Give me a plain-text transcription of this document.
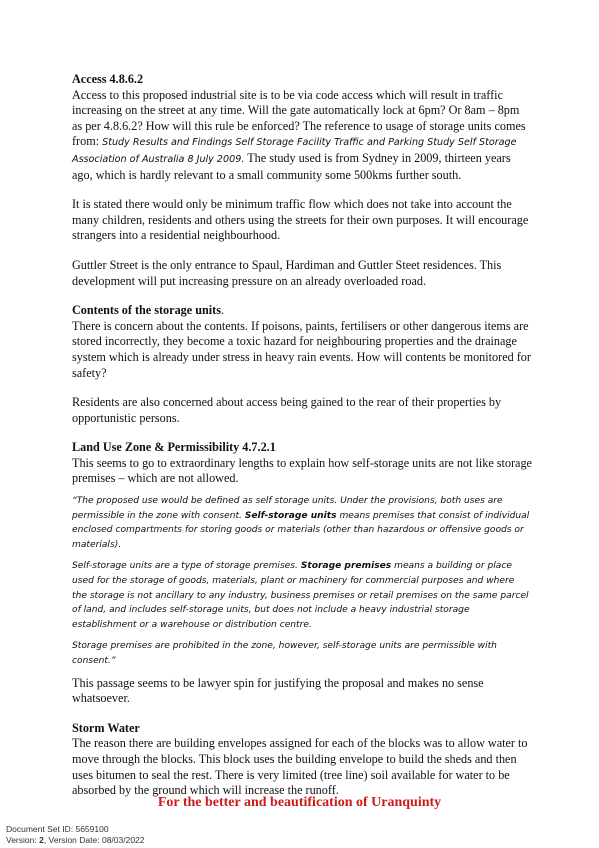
Access 4.8.6.2

Access to this proposed industrial site is to be via code access which will result in traffic increasing on the street at any time. Will the gate automatically lock at 6pm? Or 8am – 8pm as per 4.8.6.2? How will this rule be enforced? The reference to usage of storage units comes from: Study Results and Findings Self Storage Facility Traffic and Parking Study Self Storage Association of Australia 8 July 2009. The study used is from Sydney in 2009, thirteen years ago, which is hardly relevant to a small community some 500kms further south.

It is stated there would only be minimum traffic flow which does not take into account the many children, residents and others using the streets for their own purposes. It will encourage strangers into a residential neighbourhood.

Guttler Street is the only entrance to Spaul, Hardiman and Guttler Steet residences. This development will put increasing pressure on an already overloaded road.

Contents of the storage units.

There is concern about the contents. If poisons, paints, fertilisers or other dangerous items are stored incorrectly, they become a toxic hazard for neighbouring properties and the drainage system which is already under stress in heavy rain events. How will contents be monitored for safety?

Residents are also concerned about access being gained to the rear of their properties by opportunistic persons.

Land Use Zone & Permissibility 4.7.2.1

This seems to go to extraordinary lengths to explain how self-storage units are not like storage premises – which are not allowed.

“The proposed use would be defined as self storage units. Under the provisions, both uses are permissible in the zone with consent. Self-storage units means premises that consist of individual enclosed compartments for storing goods or materials (other than hazardous or offensive goods or materials).

Self-storage units are a type of storage premises. Storage premises means a building or place used for the storage of goods, materials, plant or machinery for commercial purposes and where the storage is not ancillary to any industry, business premises or retail premises on the same parcel of land, and includes self-storage units, but does not include a heavy industrial storage establishment or a warehouse or distribution centre.

Storage premises are prohibited in the zone, however, self-storage units are permissible with consent.”

This passage seems to be lawyer spin for justifying the proposal and makes no sense whatsoever.

Storm Water

The reason there are building envelopes assigned for each of the blocks was to allow water to move through the blocks. This block uses the building envelope to build the sheds and then uses bitumen to seal the rest. There is very limited (tree line) soil available for water to be absorbed by the ground which will increase the runoff.

For the better and beautification of Uranquinty
Document Set ID: 5659100
Version: 2, Version Date: 08/03/2022
